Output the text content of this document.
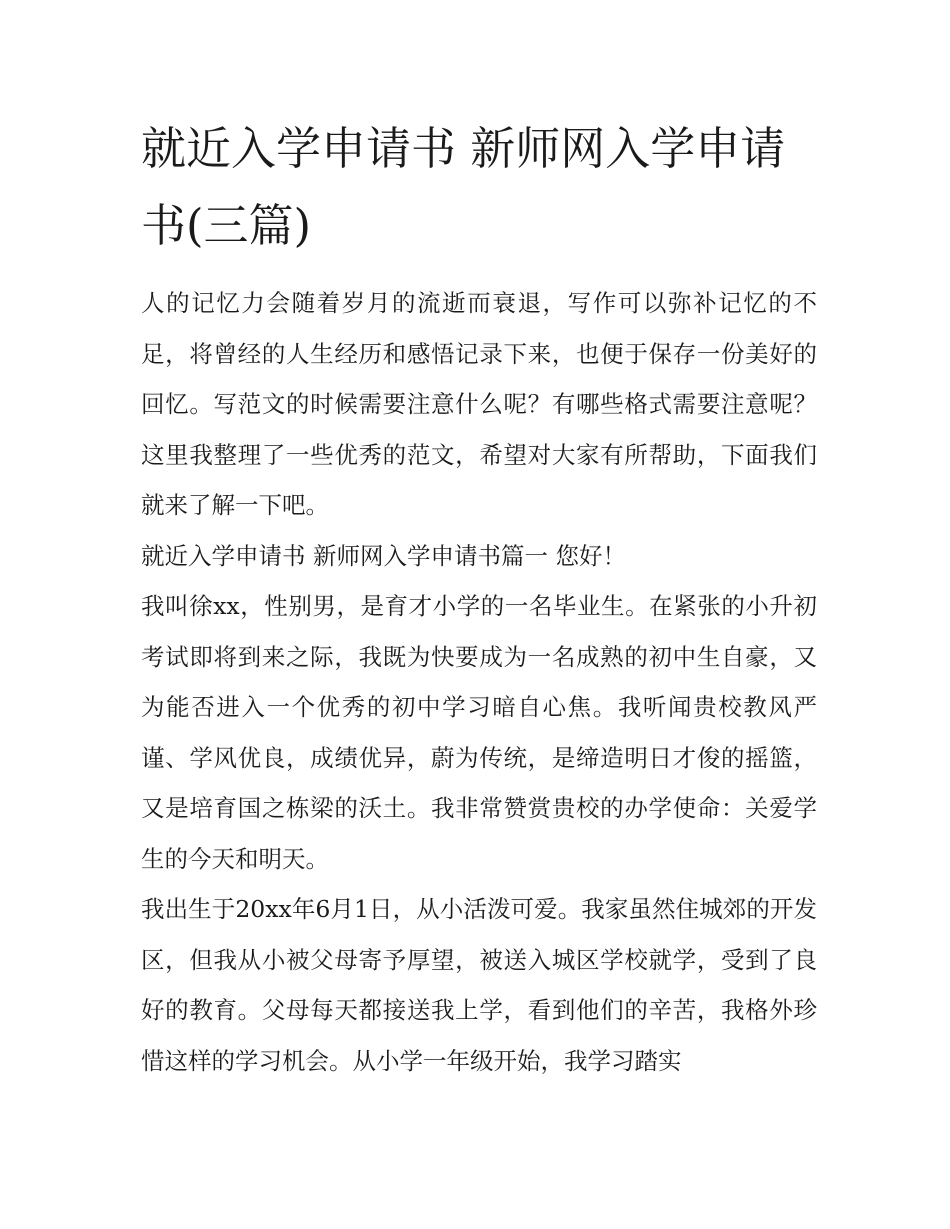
就近入学申请书 新师网入学申请书(三篇)

人的记忆力会随着岁月的流逝而衰退，写作可以弥补记忆的不足，将曾经的人生经历和感悟记录下来，也便于保存一份美好的回忆。写范文的时候需要注意什么呢？有哪些格式需要注意呢？这里我整理了一些优秀的范文，希望对大家有所帮助，下面我们就来了解一下吧。

就近入学申请书 新师网入学申请书篇一 您好！

我叫徐xx，性别男，是育才小学的一名毕业生。在紧张的小升初考试即将到来之际，我既为快要成为一名成熟的初中生自豪，又为能否进入一个优秀的初中学习暗自心焦。我听闻贵校教风严谨、学风优良，成绩优异，蔚为传统，是缔造明日才俊的摇篮，又是培育国之栋梁的沃土。我非常赞赏贵校的办学使命：关爱学生的今天和明天。

我出生于20xx年6月1日，从小活泼可爱。我家虽然住城郊的开发区，但我从小被父母寄予厚望，被送入城区学校就学，受到了良好的教育。父母每天都接送我上学，看到他们的辛苦，我格外珍惜这样的学习机会。从小学一年级开始，我学习踏实
